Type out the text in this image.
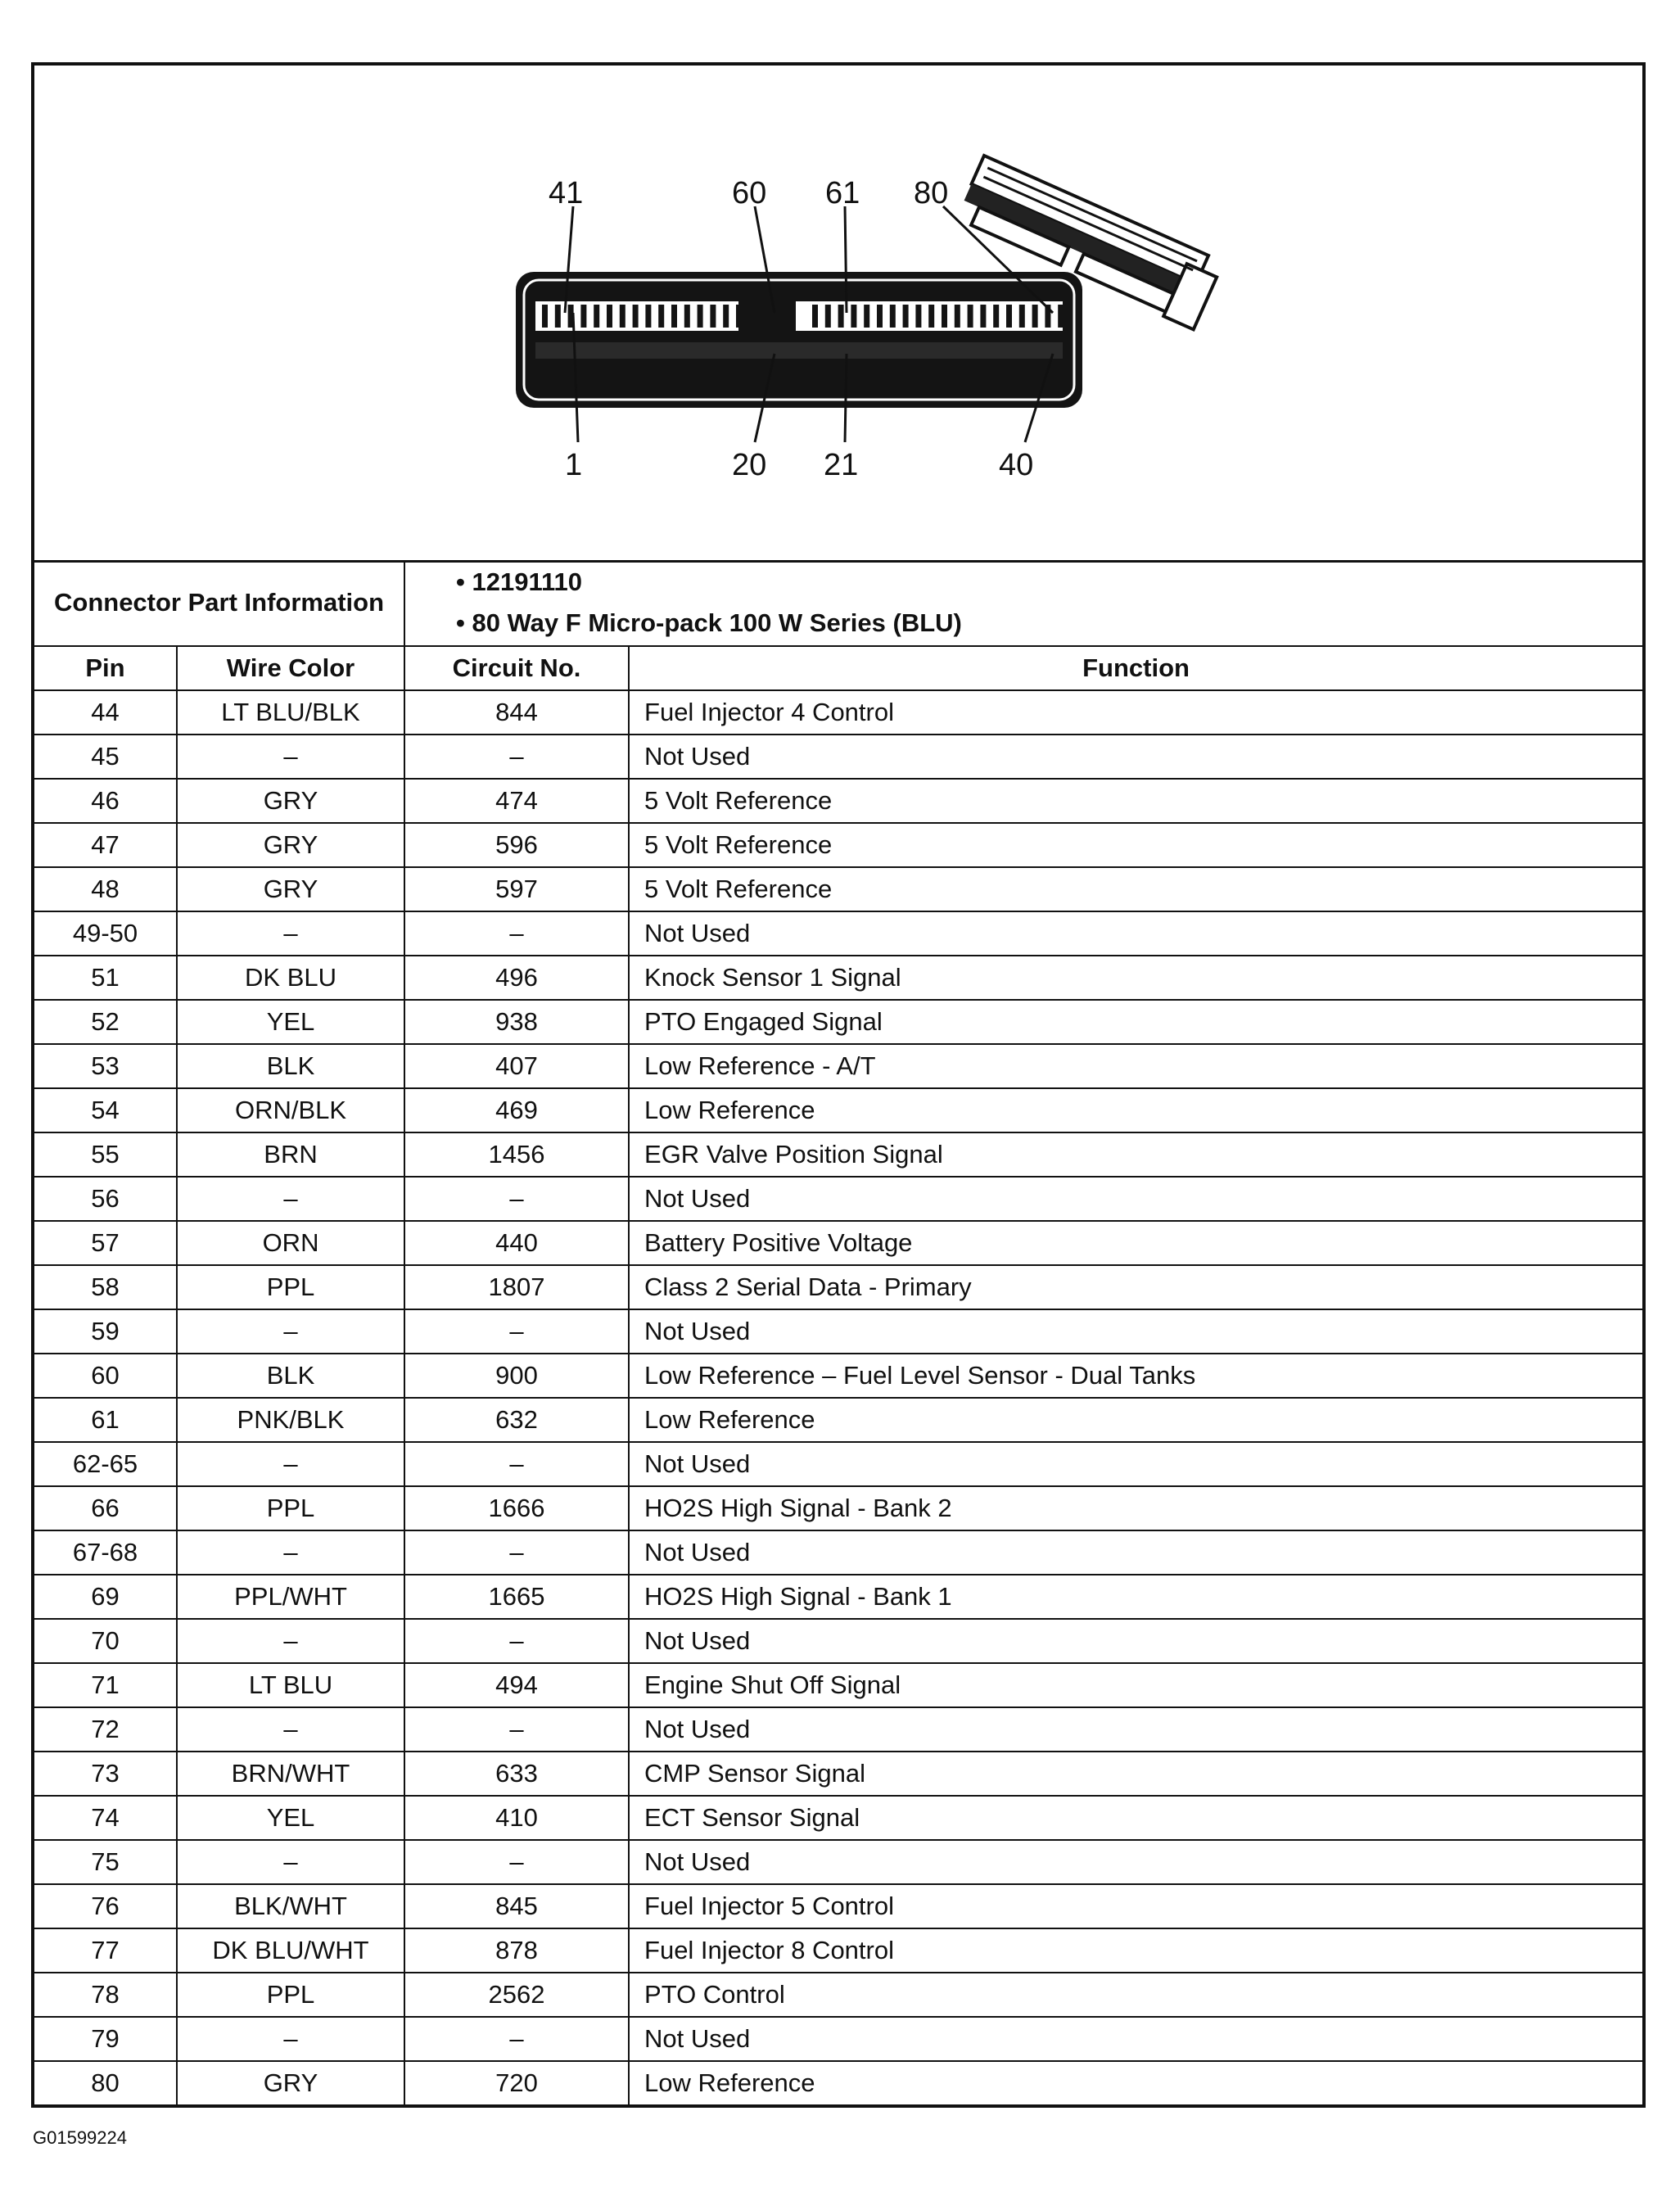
41	60 61 80
1	20 21	40
Connector Part Information		• 12191110
• 80 Way F Micro-pack 100 W Series (BLU)	

Pin	Wire Color	Circuit No.	Function
44	LT BLU/BLK	844	Fuel Injector 4 Control
45	–	–	Not Used
46	GRY	474	5 Volt Reference
47	GRY	596	5 Volt Reference
48	GRY	597	5 Volt Reference
49-50	–	–	Not Used
51	DK BLU	496	Knock Sensor 1 Signal
52	YEL	938	PTO Engaged Signal
53	BLK	407	Low Reference - A/T
54	ORN/BLK	469	Low Reference
55	BRN	1456	EGR Valve Position Signal
56	–	–	Not Used
57	ORN	440	Battery Positive Voltage
58	PPL	1807	Class 2 Serial Data - Primary
59	–	–	Not Used
60	BLK	900	Low Reference – Fuel Level Sensor - Dual Tanks
61	PNK/BLK	632	Low Reference
62-65	–	–	Not Used
66	PPL	1666	HO2S High Signal - Bank 2
67-68	–	–	Not Used
69	PPL/WHT	1665	HO2S High Signal - Bank 1
70	–	–	Not Used
71	LT BLU	494	Engine Shut Off Signal
72	–	–	Not Used
73	BRN/WHT	633	CMP Sensor Signal
74	YEL	410	ECT Sensor Signal
75	–	–	Not Used
76	BLK/WHT	845	Fuel Injector 5 Control
77	DK BLU/WHT	878	Fuel Injector 8 Control
78	PPL	2562	PTO Control
79	–	–	Not Used
80	GRY	720	Low Reference
G01599224
